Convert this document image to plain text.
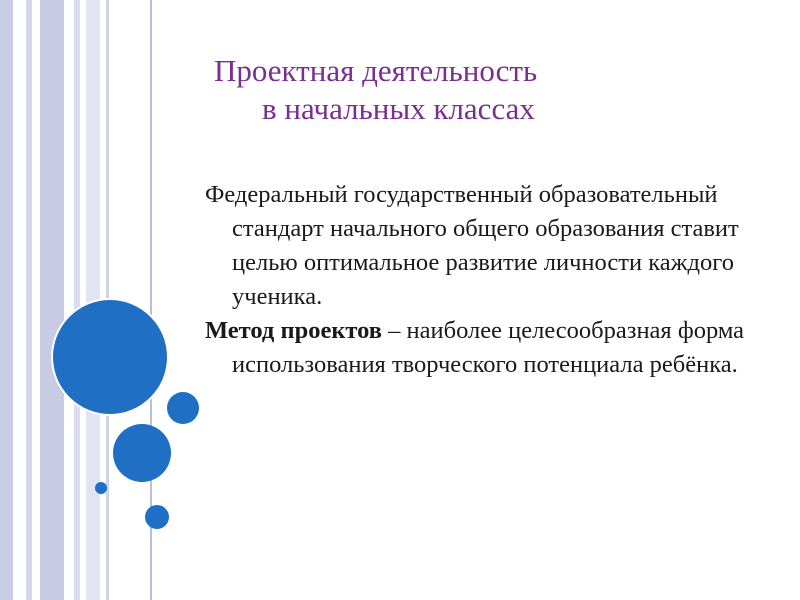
Проектная деятельность
в начальных классах

Федеральный государственный образовательный стандарт начального общего образования ставит целью оптимальное развитие личности каждого ученика.

Метод проектов – наиболее целесообразная форма использования творческого потенциала ребёнка.
